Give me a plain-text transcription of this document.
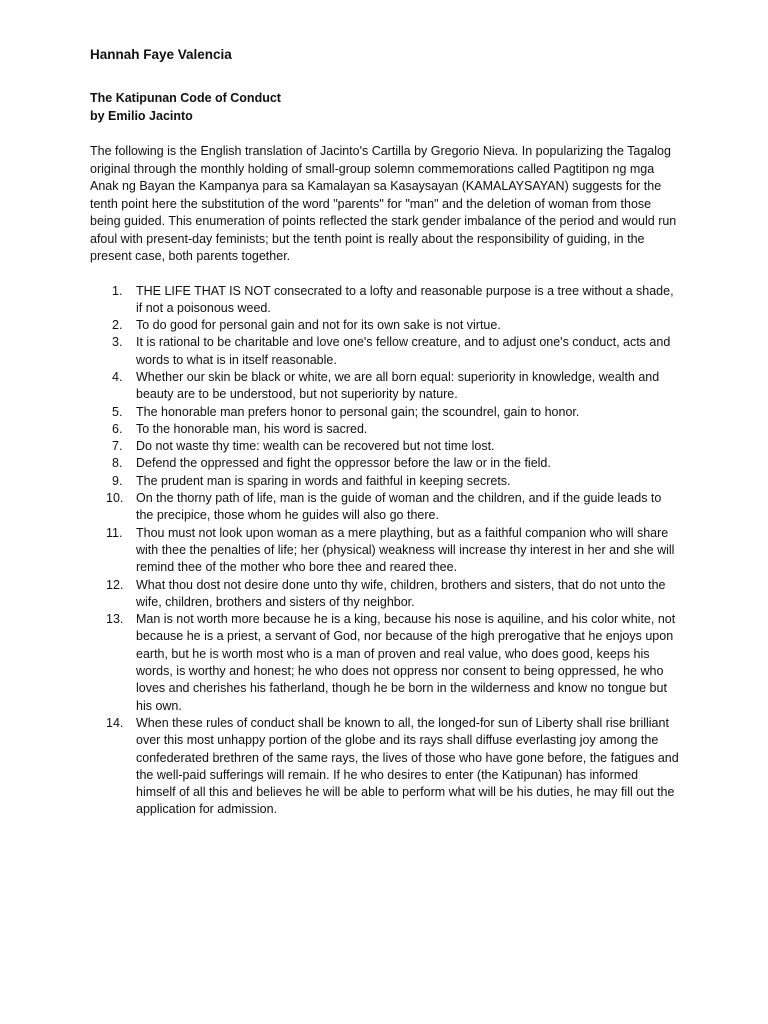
Hannah Faye Valencia
The Katipunan Code of Conduct
by Emilio Jacinto

The following is the English translation of Jacinto's Cartilla by Gregorio Nieva. In popularizing the Tagalog original through the monthly holding of small-group solemn commemorations called Pagtitipon ng mga Anak ng Bayan the Kampanya para sa Kamalayan sa Kasaysayan (KAMALAYSAYAN) suggests for the tenth point here the substitution of the word "parents" for "man" and the deletion of woman from those being guided. This enumeration of points reflected the stark gender imbalance of the period and would run afoul with present-day feminists; but the tenth point is really about the responsibility of guiding, in the present case, both parents together.

1.	THE LIFE THAT IS NOT consecrated to a lofty and reasonable purpose is a tree without a shade, if not a poisonous weed.
2.	To do good for personal gain and not for its own sake is not virtue.
3.	It is rational to be charitable and love one's fellow creature, and to adjust one's conduct, acts and words to what is in itself reasonable.
4.	Whether our skin be black or white, we are all born equal: superiority in knowledge, wealth and beauty are to be understood, but not superiority by nature.
5.	The honorable man prefers honor to personal gain; the scoundrel, gain to honor.
6.	To the honorable man, his word is sacred.
7.	Do not waste thy time: wealth can be recovered but not time lost.
8.	Defend the oppressed and fight the oppressor before the law or in the field.
9.	The prudent man is sparing in words and faithful in keeping secrets.
10.	On the thorny path of life, man is the guide of woman and the children, and if the guide leads to the precipice, those whom he guides will also go there.
11.	Thou must not look upon woman as a mere plaything, but as a faithful companion who will share with thee the penalties of life; her (physical) weakness will increase thy interest in her and she will remind thee of the mother who bore thee and reared thee.
12.	What thou dost not desire done unto thy wife, children, brothers and sisters, that do not unto the wife, children, brothers and sisters of thy neighbor.
13.	Man is not worth more because he is a king, because his nose is aquiline, and his color white, not because he is a priest, a servant of God, nor because of the high prerogative that he enjoys upon earth, but he is worth most who is a man of proven and real value, who does good, keeps his words, is worthy and honest; he who does not oppress nor consent to being oppressed, he who loves and cherishes his fatherland, though he be born in the wilderness and know no tongue but his own.
14.	When these rules of conduct shall be known to all, the longed-for sun of Liberty shall rise brilliant over this most unhappy portion of the globe and its rays shall diffuse everlasting joy among the confederated brethren of the same rays, the lives of those who have gone before, the fatigues and the well-paid sufferings will remain. If he who desires to enter (the Katipunan) has informed himself of all this and believes he will be able to perform what will be his duties, he may fill out the application for admission.
